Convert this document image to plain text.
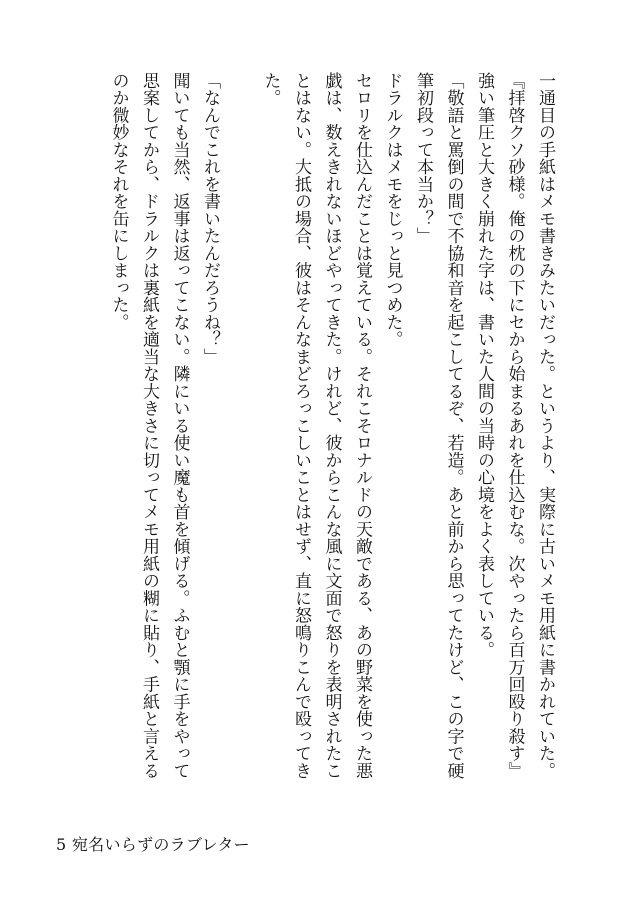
一通目の手紙はメモ書きみたいだった。というより、実際に古いメモ用紙に書かれていた。

『拝啓クソ砂様。俺の枕の下にセから始まるあれを仕込むな。次やったら百万回殴り殺す』

強い筆圧と大きく崩れた字は、書いた人間の当時の心境をよく表している。

「敬語と罵倒の間で不協和音を起こしてるぞ、若造。あと前から思ってたけど、この字で硬筆初段って本当か？」

ドラルクはメモをじっと見つめた。

セロリを仕込んだことは覚えている。それこそロナルドの天敵である、あの野菜を使った悪戯は、数えきれないほどやってきた。けれど、彼からこんな風に文面で怒りを表明されたことはない。大抵の場合、彼はそんなまどろっこしいことはせず、直に怒鳴りこんで殴ってきた。

「なんでこれを書いたんだろうね？」

聞いても当然、返事は返ってこない。隣にいる使い魔も首を傾げる。ふむと顎に手をやって思案してから、ドラルクは裏紙を適当な大きさに切ってメモ用紙の糊に貼り、手紙と言えるのか微妙なそれを缶にしまった。

5 宛名いらずのラブレター
